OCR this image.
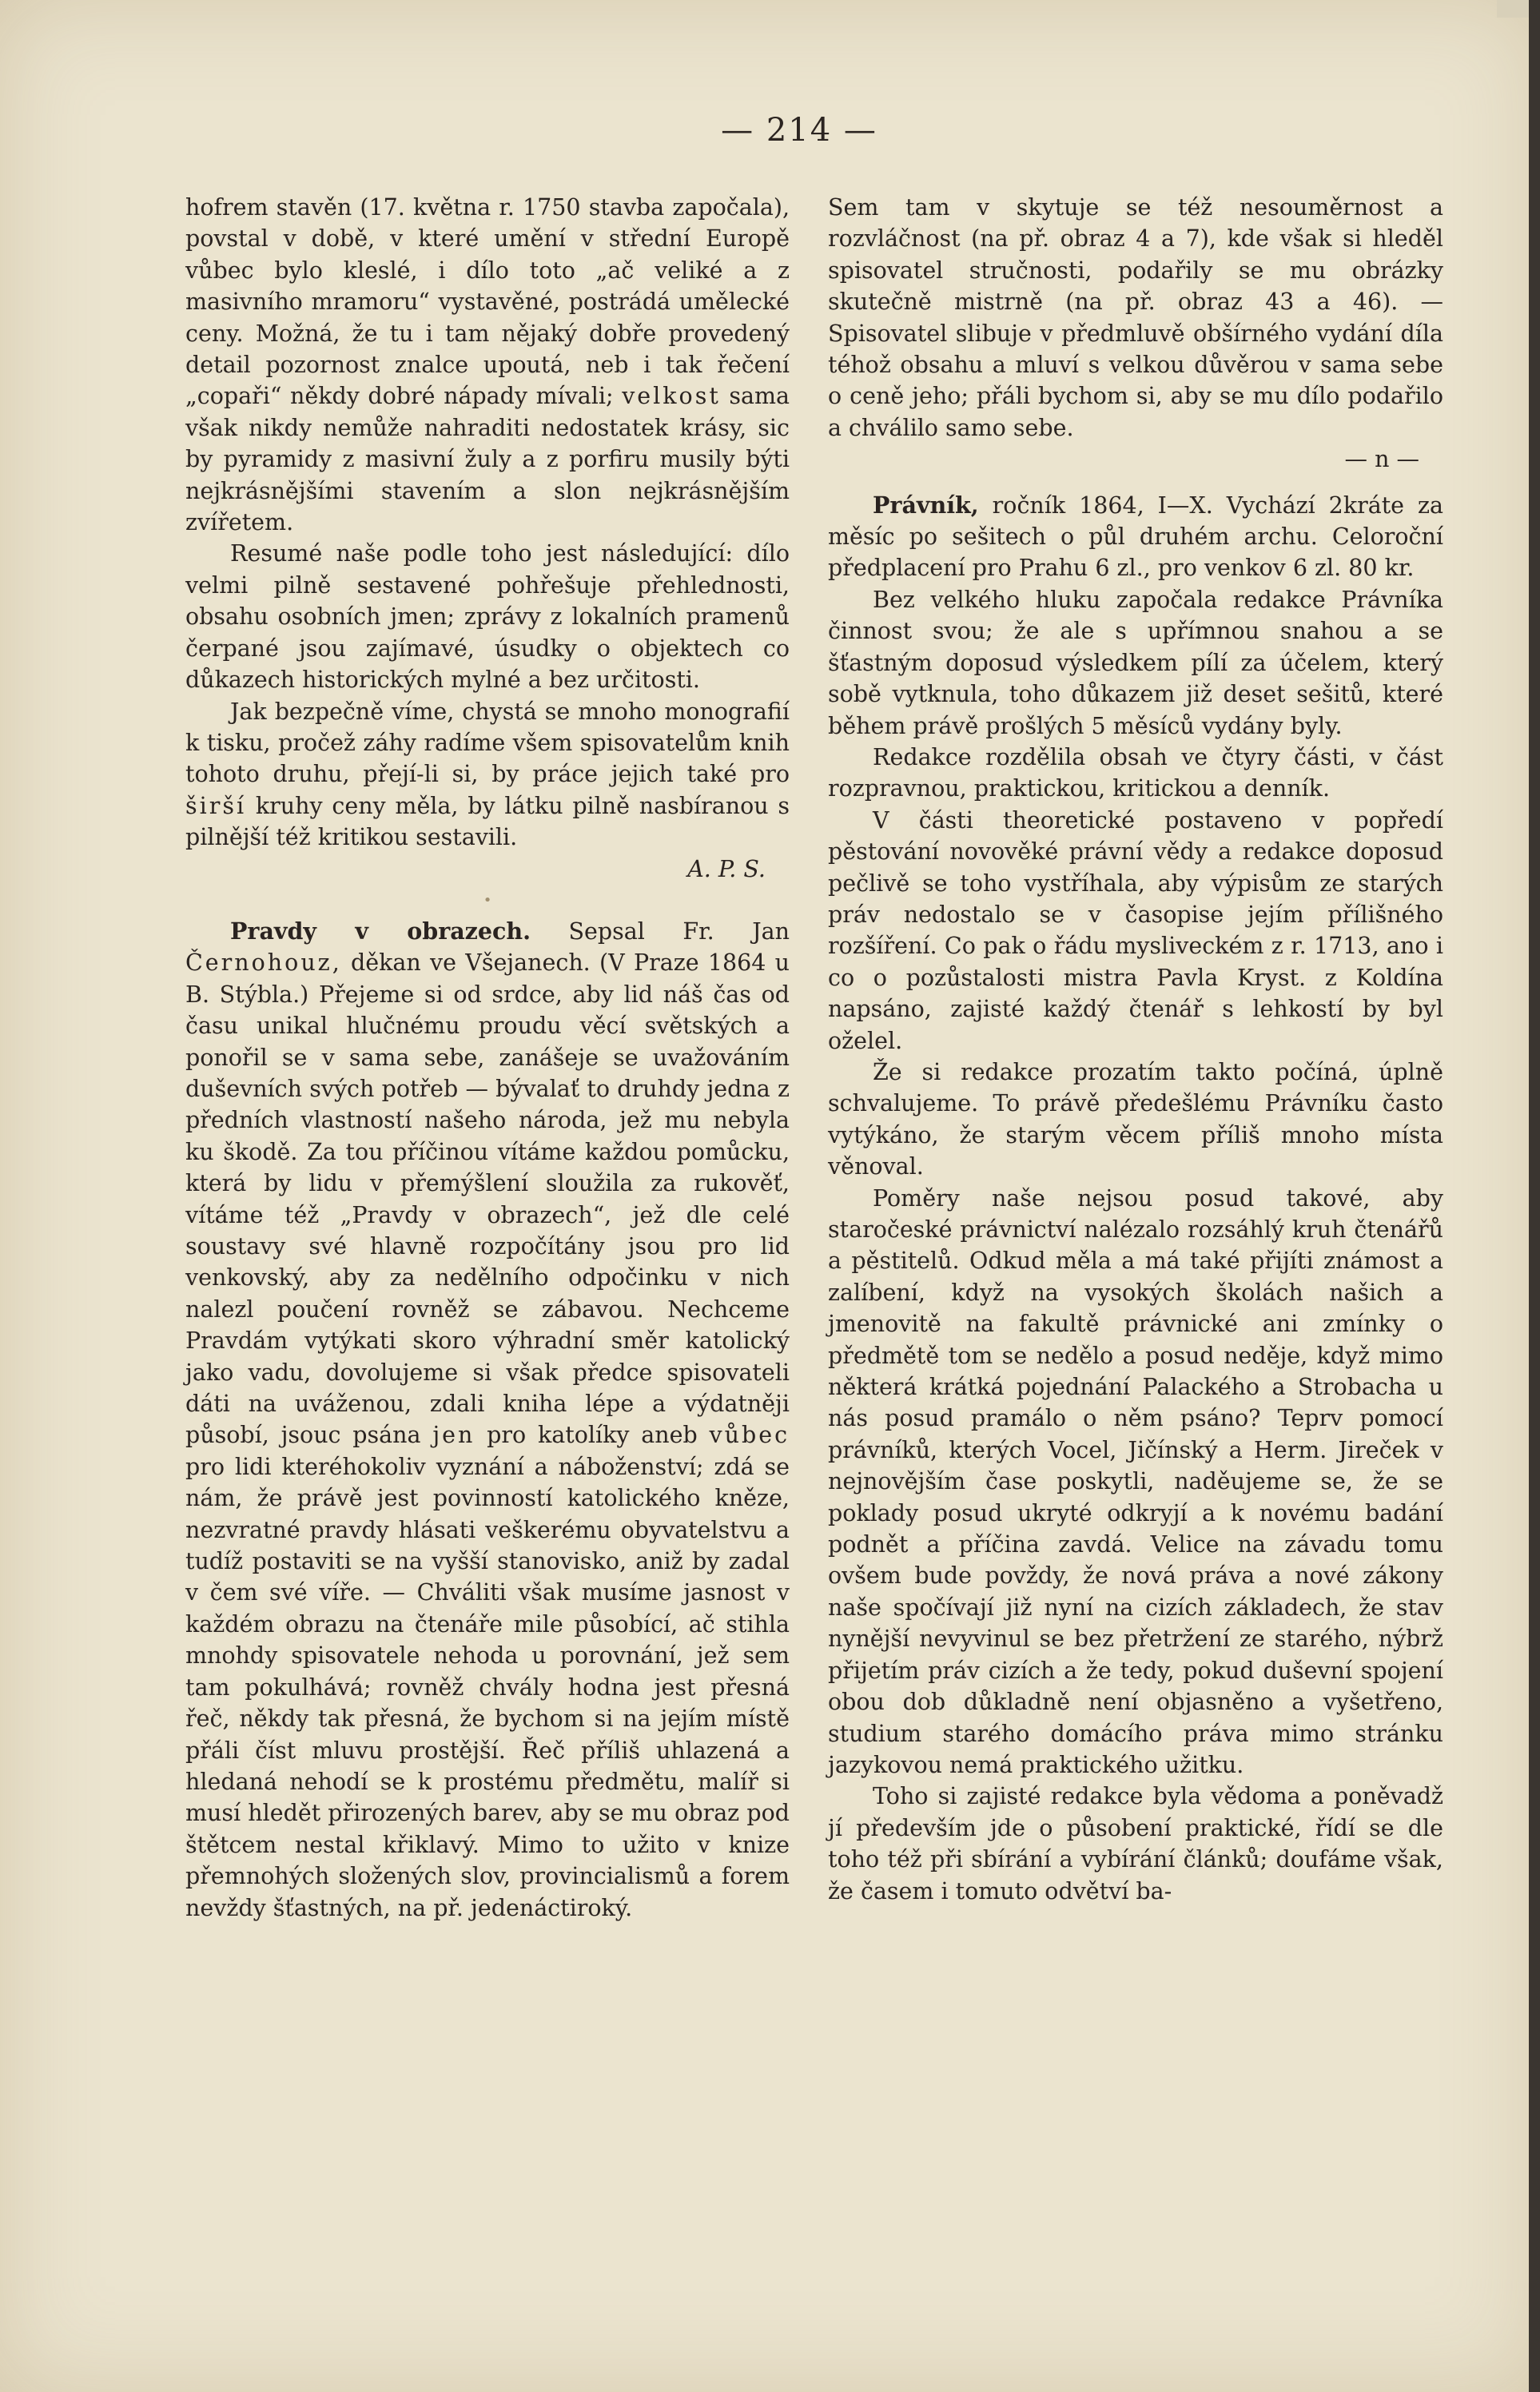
— 214 —

hofrem stavěn (17. května r. 1750 stavba započala), povstal v době, v které umění v střední Europě vůbec bylo kleslé, i dílo toto „ač veliké a z masivního mramoru“ vystavěné, postrádá umělecké ceny. Možná, že tu i tam nějaký dobře provedený detail pozornost znalce upoutá, neb i tak řečení „copaři“ někdy dobré nápady mívali; velkost sama však nikdy nemůže nahraditi nedostatek krásy, sic by pyramidy z masivní žuly a z porfiru musily býti nejkrásnějšími stavením a slon nejkrásnějším zvířetem.

Resumé naše podle toho jest následující: dílo velmi pilně sestavené pohřešuje přehlednosti, obsahu osobních jmen; zprávy z lokalních pramenů čerpané jsou zajímavé, úsudky o objektech co důkazech historických mylné a bez určitosti.

Jak bezpečně víme, chystá se mnoho monografií k tisku, pročež záhy radíme všem spisovatelům knih tohoto druhu, přejí-li si, by práce jejich také pro širší kruhy ceny měla, by látku pilně nasbíranou s pilnější též kritikou sestavili.

A. P. S.

•

Pravdy v obrazech. Sepsal Fr. Jan Černohouz, děkan ve Všejanech. (V Praze 1864 u B. Stýbla.) Přejeme si od srdce, aby lid náš čas od času unikal hlučnému proudu věcí světských a ponořil se v sama sebe, zanášeje se uvažováním duševních svých potřeb — bývalať to druhdy jedna z předních vlastností našeho národa, jež mu nebyla ku škodě. Za tou příčinou vítáme každou pomůcku, která by lidu v přemýšlení sloužila za rukověť, vítáme též „Pravdy v obrazech“, jež dle celé soustavy své hlavně rozpočítány jsou pro lid venkovský, aby za nedělního odpočinku v nich nalezl poučení rovněž se zábavou. Nechceme Pravdám vytýkati skoro výhradní směr katolický jako vadu, dovolujeme si však předce spisovateli dáti na uváženou, zdali kniha lépe a výdatněji působí, jsouc psána jen pro katolíky aneb vůbec pro lidi kteréhokoliv vyznání a náboženství; zdá se nám, že právě jest povinností katolického kněze, nezvratné pravdy hlásati veškerému obyvatelstvu a tudíž postaviti se na vyšší stanovisko, aniž by zadal v čem své víře. — Chváliti však musíme jasnost v každém obrazu na čtenáře mile působící, ač stihla mnohdy spisovatele nehoda u porovnání, jež sem tam pokulhává; rovněž chvály hodna jest přesná řeč, někdy tak přesná, že bychom si na jejím místě přáli číst mluvu prostější. Řeč příliš uhlazená a hledaná nehodí se k prostému předmětu, malíř si musí hledět přirozených barev, aby se mu obraz pod štětcem nestal křiklavý. Mimo to užito v knize přemnohých složených slov, provincialismů a forem nevždy šťastných, na př. jedenáctiroký.

Sem tam v skytuje se též nesouměrnost a rozvláčnost (na př. obraz 4 a 7), kde však si hleděl spisovatel stručnosti, podařily se mu obrázky skutečně mistrně (na př. obraz 43 a 46). — Spisovatel slibuje v předmluvě obšírného vydání díla téhož obsahu a mluví s velkou důvěrou v sama sebe o ceně jeho; přáli bychom si, aby se mu dílo podařilo a chválilo samo sebe.

— n —

Právník, ročník 1864, I—X. Vychází 2kráte za měsíc po sešitech o půl druhém archu. Celoroční předplacení pro Prahu 6 zl., pro venkov 6 zl. 80 kr.

Bez velkého hluku započala redakce Právníka činnost svou; že ale s upřímnou snahou a se šťastným doposud výsledkem pílí za účelem, který sobě vytknula, toho důkazem již deset sešitů, které během právě prošlých 5 měsíců vydány byly.

Redakce rozdělila obsah ve čtyry části, v část rozpravnou, praktickou, kritickou a denník.

V části theoretické postaveno v popředí pěstování novověké právní vědy a redakce doposud pečlivě se toho vystříhala, aby výpisům ze starých práv nedostalo se v časopise jejím přílišného rozšíření. Co pak o řádu mysliveckém z r. 1713, ano i co o pozůstalosti mistra Pavla Kryst. z Koldína napsáno, zajisté každý čtenář s lehkostí by byl oželel.

Že si redakce prozatím takto počíná, úplně schvalujeme. To právě předešlému Právníku často vytýkáno, že starým věcem příliš mnoho místa věnoval.

Poměry naše nejsou posud takové, aby staročeské právnictví nalézalo rozsáhlý kruh čtenářů a pěstitelů. Odkud měla a má také přijíti známost a zalíbení, když na vysokých školách našich a jmenovitě na fakultě právnické ani zmínky o předmětě tom se nedělo a posud neděje, když mimo některá krátká pojednání Palackého a Strobacha u nás posud pramálo o něm psáno? Teprv pomocí právníků, kterých Vocel, Jičínský a Herm. Jireček v nejnovějším čase poskytli, naděujeme se, že se poklady posud ukryté odkryjí a k novému badání podnět a příčina zavdá. Velice na závadu tomu ovšem bude povždy, že nová práva a nové zákony naše spočívají již nyní na cizích základech, že stav nynější nevyvinul se bez přetržení ze starého, nýbrž přijetím práv cizích a že tedy, pokud duševní spojení obou dob důkladně není objasněno a vyšetřeno, studium starého domácího práva mimo stránku jazykovou nemá praktického užitku.

Toho si zajisté redakce byla vědoma a poněvadž jí především jde o působení praktické, řídí se dle toho též při sbírání a vybírání článků; doufáme však, že časem i tomuto odvětví ba-
